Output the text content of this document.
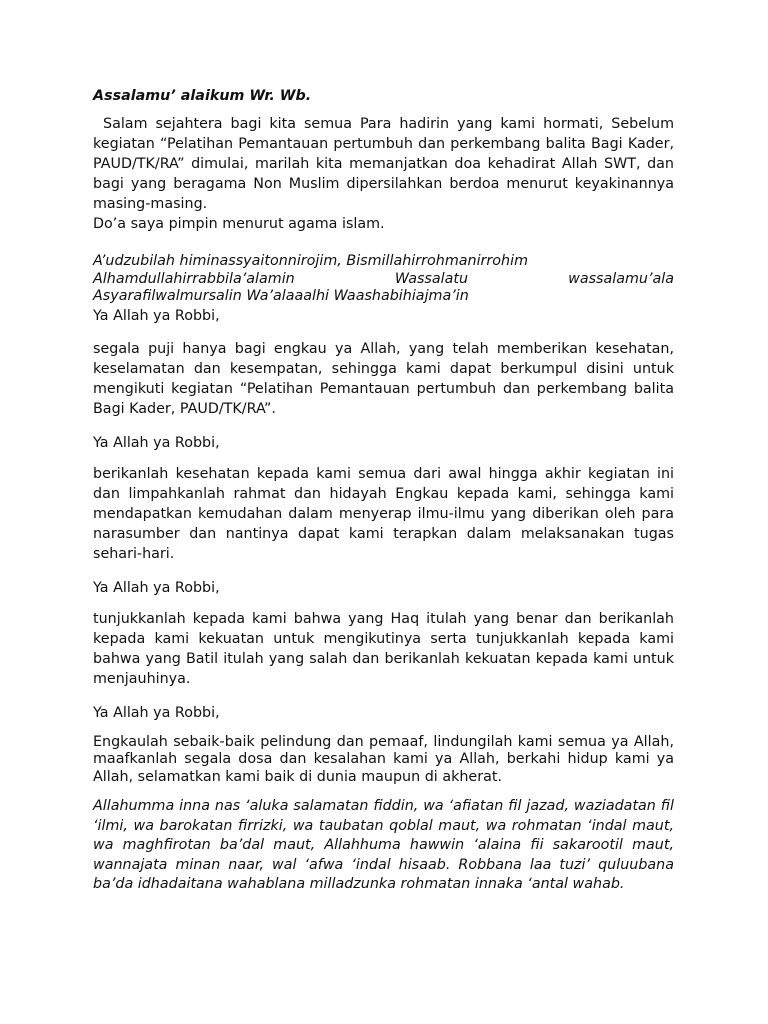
Assalamu’ alaikum Wr. Wb.

Salam sejahtera bagi kita semua Para hadirin yang kami hormati, Sebelum kegiatan “Pelatihan Pemantauan pertumbuh dan perkembang balita Bagi Kader, PAUD/TK/RA” dimulai, marilah kita memanjatkan doa kehadirat Allah SWT, dan bagi yang beragama Non Muslim dipersilahkan berdoa menurut keyakinannya masing-masing.

Do’a saya pimpin menurut agama islam.

A’udzubilah himinassyaitonnirojim, Bismillahirrohmanirrohim
Alhamdullahirrabbila’alamin Wassalatu wassalamu’ala
Asyarafilwalmursalin Wa’alaaalhi Waashabihiajma’in

Ya Allah ya Robbi,

segala puji hanya bagi engkau ya Allah, yang telah memberikan kesehatan, keselamatan dan kesempatan, sehingga kami dapat berkumpul disini untuk mengikuti kegiatan “Pelatihan Pemantauan pertumbuh dan perkembang balita Bagi Kader, PAUD/TK/RA”.

Ya Allah ya Robbi,

berikanlah kesehatan kepada kami semua dari awal hingga akhir kegiatan ini dan limpahkanlah rahmat dan hidayah Engkau kepada kami, sehingga kami mendapatkan kemudahan dalam menyerap ilmu-ilmu yang diberikan oleh para narasumber dan nantinya dapat kami terapkan dalam melaksanakan tugas sehari-hari.

Ya Allah ya Robbi,

tunjukkanlah kepada kami bahwa yang Haq itulah yang benar dan berikanlah kepada kami kekuatan untuk mengikutinya serta tunjukkanlah kepada kami bahwa yang Batil itulah yang salah dan berikanlah kekuatan kepada kami untuk menjauhinya.

Ya Allah ya Robbi,

Engkaulah sebaik-baik pelindung dan pemaaf, lindungilah kami semua ya Allah, maafkanlah segala dosa dan kesalahan kami ya Allah, berkahi hidup kami ya Allah, selamatkan kami baik di dunia maupun di akherat.

Allahumma inna nas ‘aluka salamatan fiddin, wa ‘afiatan fil jazad, waziadatan fil ‘ilmi, wa barokatan firrizki, wa taubatan qoblal maut, wa rohmatan ‘indal maut, wa maghfirotan ba’dal maut, Allahhuma hawwin ‘alaina fii sakarootil maut, wannajata minan naar, wal ‘afwa ‘indal hisaab. Robbana laa tuzi’ quluubana ba’da idhadaitana wahablana milladzunka rohmatan innaka ‘antal wahab.
